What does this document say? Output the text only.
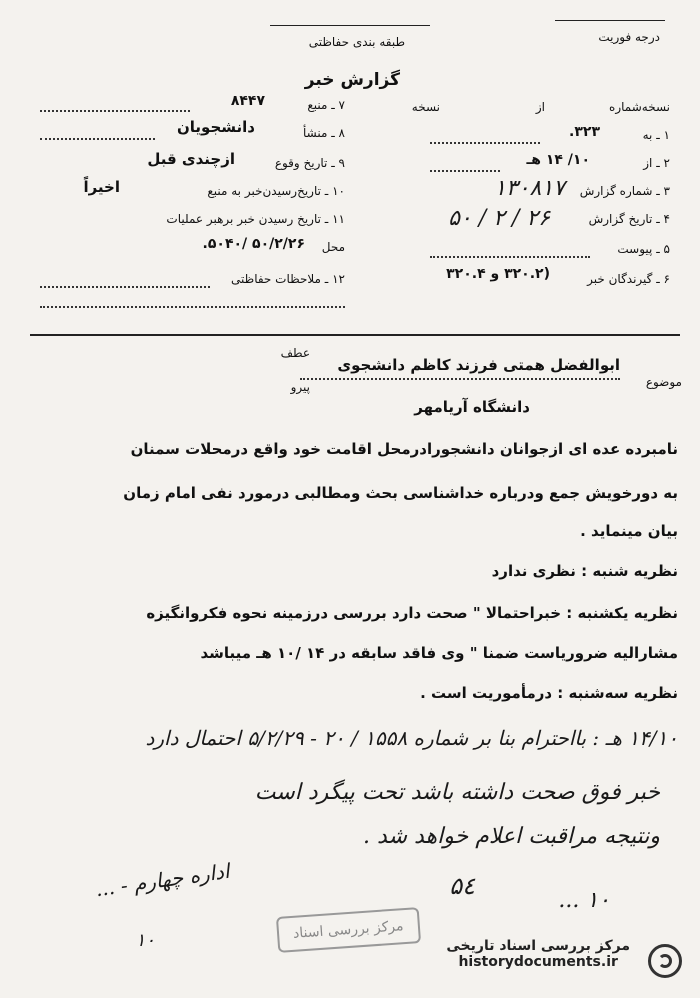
درجه فوریت
طبقه بندی حفاظتی
گزارش خبر
نسخه‌شماره
از
نسخه
۱ ـ به
۳۲۳.
۲ ـ از
۱۰/ ۱۴ هـ
۳ ـ شماره گزارش
۱۳۰۸۱۷
۴ ـ تاریخ گزارش
۲۶ / ۲ / ۵۰
۵ ـ پیوست
۶ ـ گیرندگان خبر
(۳۲۰.۲ و ۳۲۰.۴
۷ ـ منبع
۸۴۴۷
۸ ـ منشأ
دانشجویان
۹ ـ تاریخ وقوع
ازچندی قبل
۱۰ ـ تاریخ‌رسیدن‌خبر به منبع
اخیراً
۱۱ ـ تاریخ رسیدن خبر برهبر عملیات
محل
۵۰/۲/۲۶ /۵۰۴۰.
۱۲ ـ ملاحظات حفاظتی
موضوع
ابوالفضل همتی فرزند کاظم دانشجوی
عطف
پیرو
دانشگاه آریامهر
نامبرده عده ای ازجوانان دانشجورادرمحل اقامت خود واقع درمحلات سمنان
به دورخویش جمع ودرباره خداشناسی بحث ومطالبی درمورد نفی امام زمان
بیان مینماید .
نظریه شنبه : نظری ندارد
نظریه یکشنبه : خبراحتمالا " صحت دارد بررسی درزمینه نحوه فکروانگیزه
مشارالیه ضروریاست ضمنا " وی فاقد سابقه در ۱۴ /۱۰ هـ میباشد
نظریه سه‌شنبه : درمأموریت است .
۱۴/۱۰ هـ : بااحترام بنا بر شماره ۱۵۵۸ / ۲۰ - ۵/۲/۲۹ احتمال دارد
خبر فوق صحت داشته باشد تحت پیگرد است
ونتیجه مراقبت اعلام خواهد شد .
۵٤
۱۰ ...
اداره چهارم - ...
۱۰	مرکز بررسی اسناد
مرکز بررسی اسناد تاریخی
historydocuments.ir
